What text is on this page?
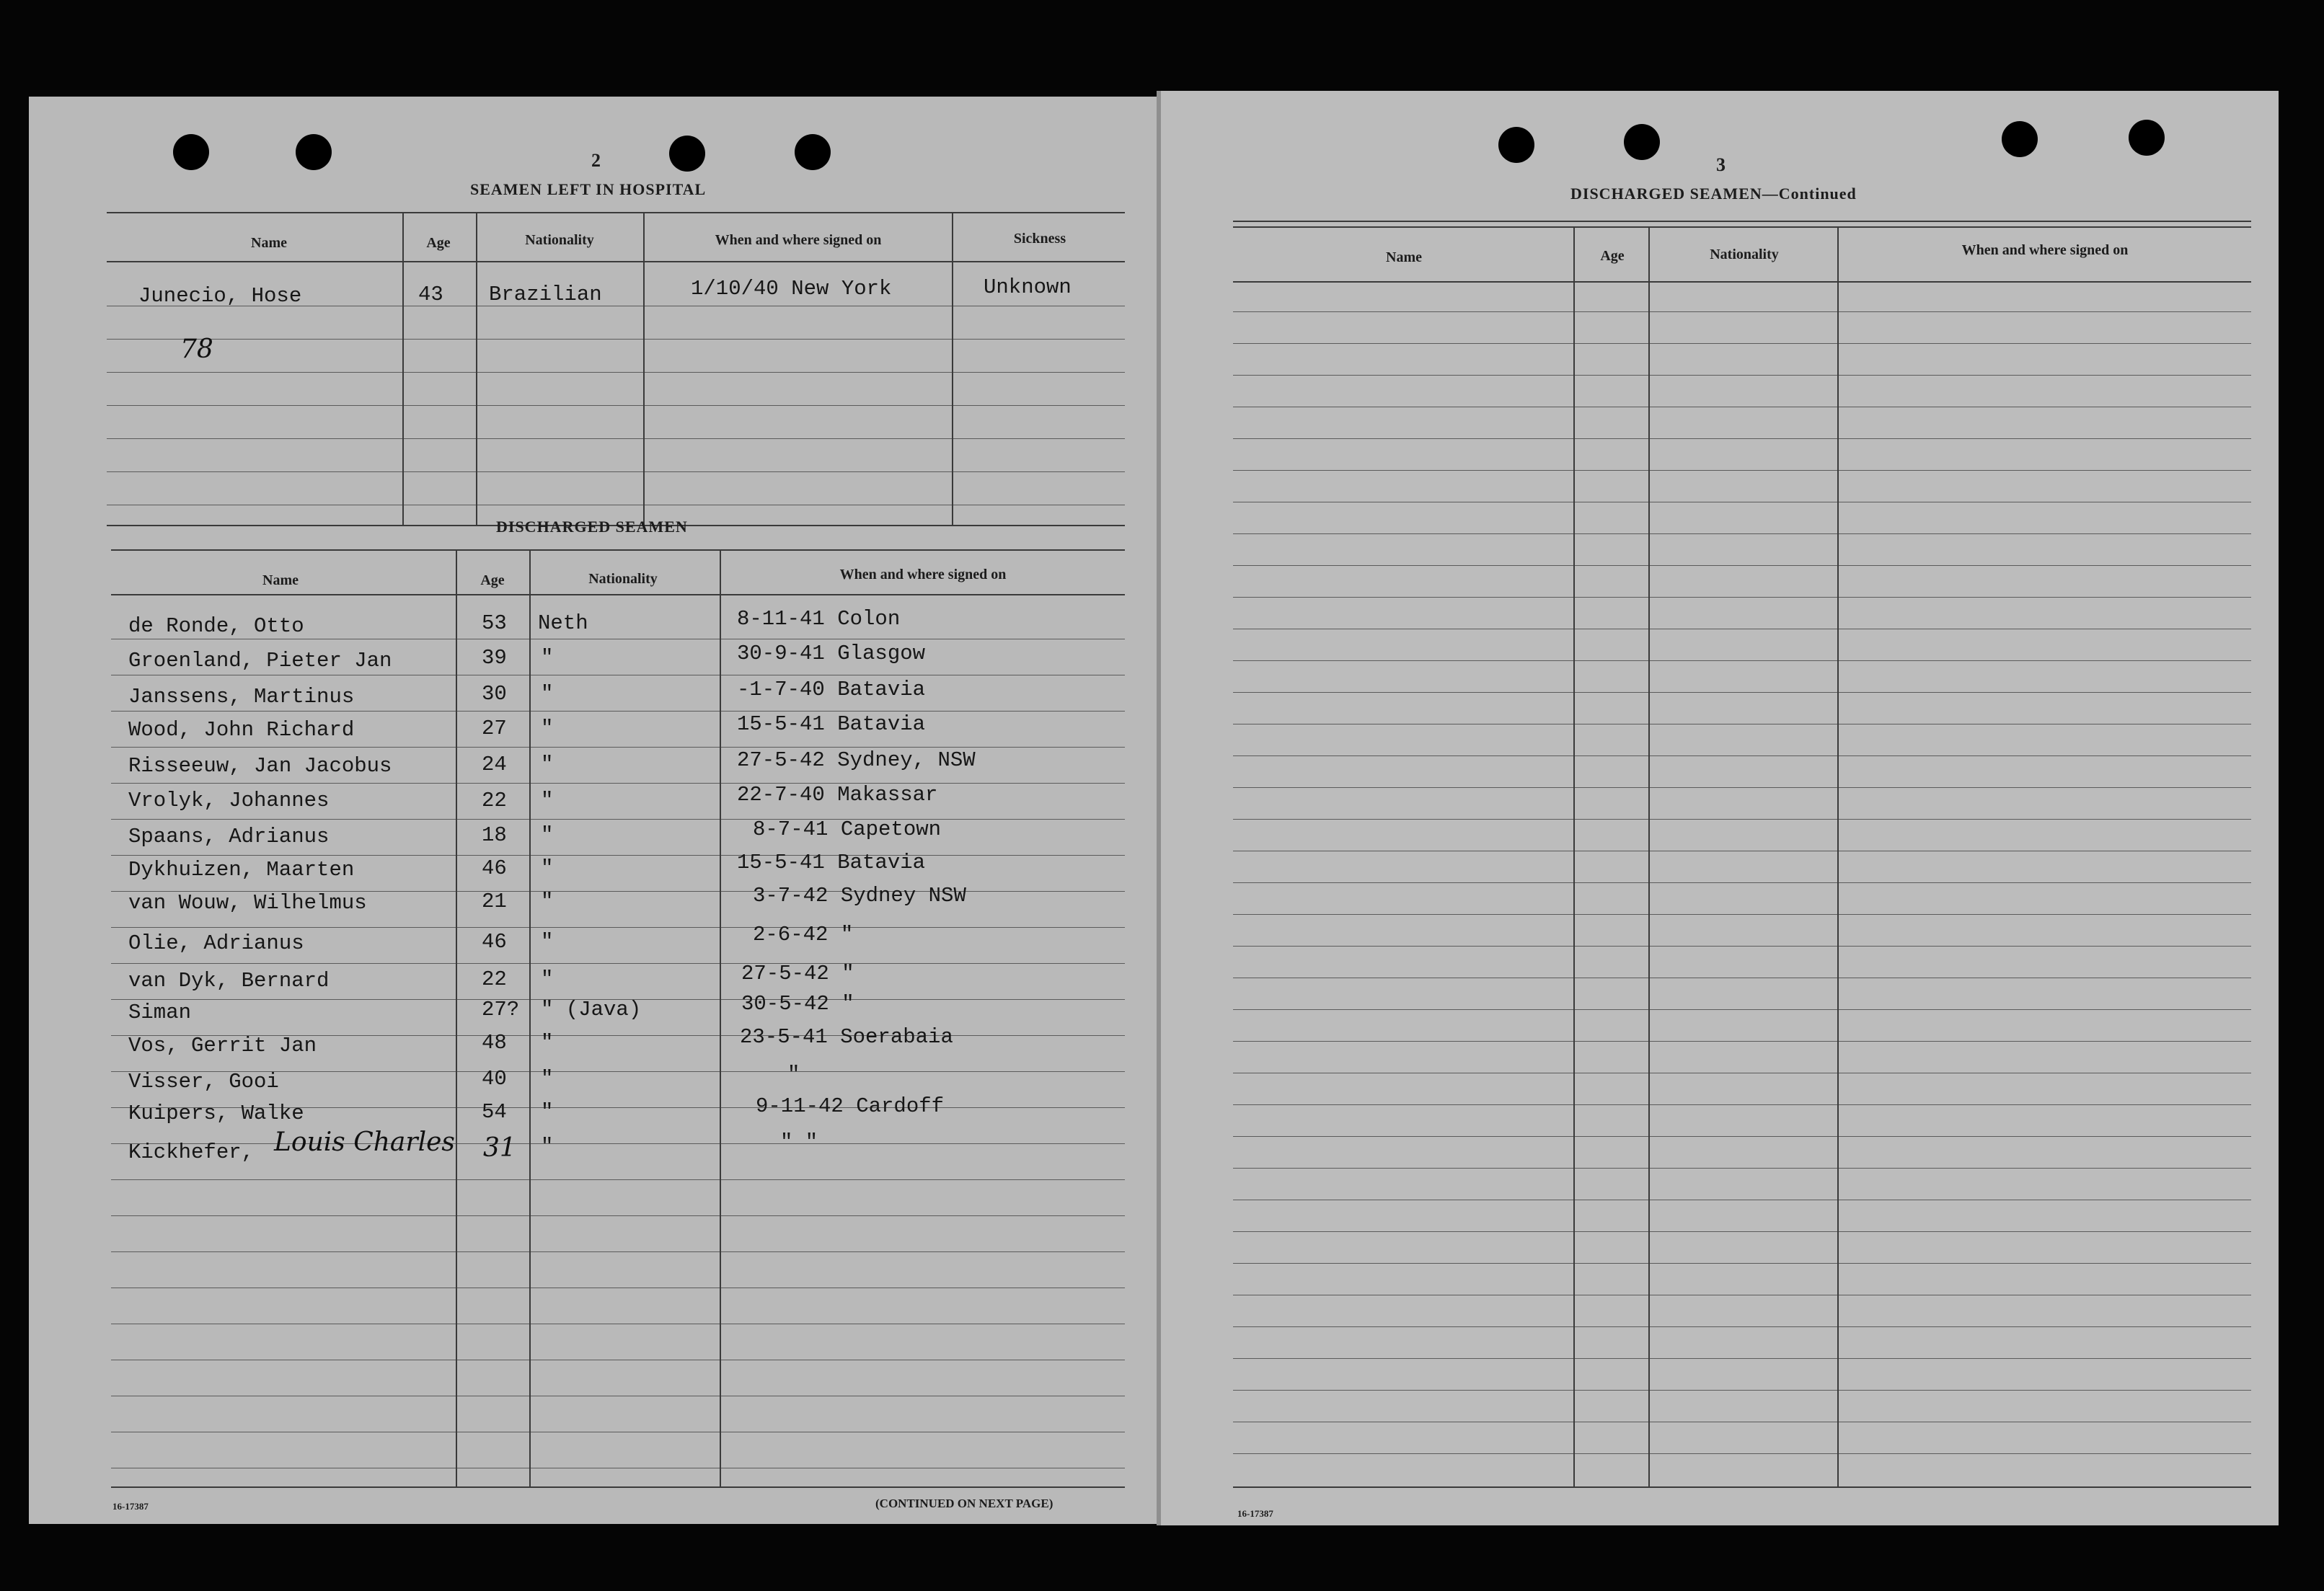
2
SEAMEN LEFT IN HOSPITAL
Name	Age	Nationality	When and where signed on	Sickness
Junecio, Hose	43 Brazilian	1/10/40 New York	Unknown
78
DISCHARGED SEAMEN
Name	Age	Nationality	When and where signed on
de Ronde, Otto	53 Neth	8-11-41 Colon
Groenland, Pieter Jan	39 "	30-9-41 Glasgow
Janssens, Martinus	30 "	-1-7-40 Batavia
Wood, John Richard	27 "	15-5-41 Batavia
Risseeuw, Jan Jacobus	24 "	27-5-42 Sydney, NSW
Vrolyk, Johannes	22 "	22-7-40 Makassar
Spaans, Adrianus	18 "	8-7-41 Capetown
Dykhuizen, Maarten	46 "	15-5-41 Batavia
van Wouw, Wilhelmus	21 "	3-7-42 Sydney NSW
Olie, Adrianus	46 "	2-6-42 "
van Dyk, Bernard	22 "	27-5-42 "
Siman	27? " (Java)	30-5-42 "
Vos, Gerrit Jan	48 "	23-5-41 Soerabaia
Visser, Gooi	40 "	"
Kuipers, Walke	54 "	9-11-42 Cardoff
Kickhefer, Louis Charles 31 "	" "
16-17387	(CONTINUED ON NEXT PAGE)
3
DISCHARGED SEAMEN—Continued
Name	Age	Nationality	When and where signed on
16-17387
